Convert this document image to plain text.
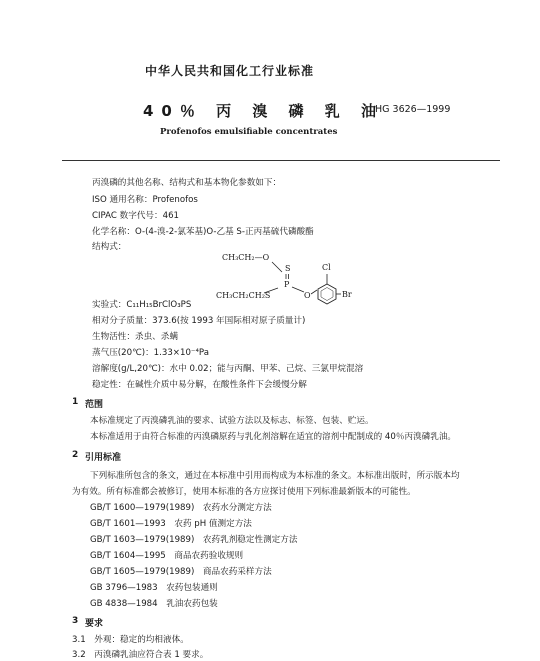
中华人民共和国化工行业标准
40％ 丙 溴 磷 乳 油
HG 3626—1999
Profenofos emulsifiable concentrates
丙溴磷的其他名称、结构式和基本物化参数如下：
ISO 通用名称：Profenofos
CIPAC 数字代号：461
化学名称：O-(4-溴-2-氯苯基)O-乙基 S-正丙基硫代磷酸酯
结构式：
CH₃CH₂—O
S
P
CH₃CH₂CH₂S	O
Cl
Br
实验式：C₁₁H₁₅BrClO₃PS
相对分子质量：373.6(按 1993 年国际相对原子质量计)
生物活性：杀虫、杀螨
蒸气压(20℃)：1.33×10⁻⁴Pa
溶解度(g/L,20℃)：水中 0.02；能与丙酮、甲苯、己烷、三氯甲烷混溶
稳定性：在碱性介质中易分解，在酸性条件下会缓慢分解
1 范围
本标准规定了丙溴磷乳油的要求、试验方法以及标志、标签、包装、贮运。
本标准适用于由符合标准的丙溴磷原药与乳化剂溶解在适宜的溶剂中配制成的 40％丙溴磷乳油。
2 引用标准
下列标准所包含的条文，通过在本标准中引用而构成为本标准的条文。本标准出版时，所示版本均
为有效。所有标准都会被修订，使用本标准的各方应探讨使用下列标准最新版本的可能性。
GB/T 1600—1979(1989)　农药水分测定方法
GB/T 1601—1993　农药 pH 值测定方法
GB/T 1603—1979(1989)　农药乳剂稳定性测定方法
GB/T 1604—1995　商品农药验收规则
GB/T 1605—1979(1989)　商品农药采样方法
GB 3796—1983　农药包装通则
GB 4838—1984　乳油农药包装
3 要求
3.1　外观：稳定的均相液体。
3.2　丙溴磷乳油应符合表 1 要求。
